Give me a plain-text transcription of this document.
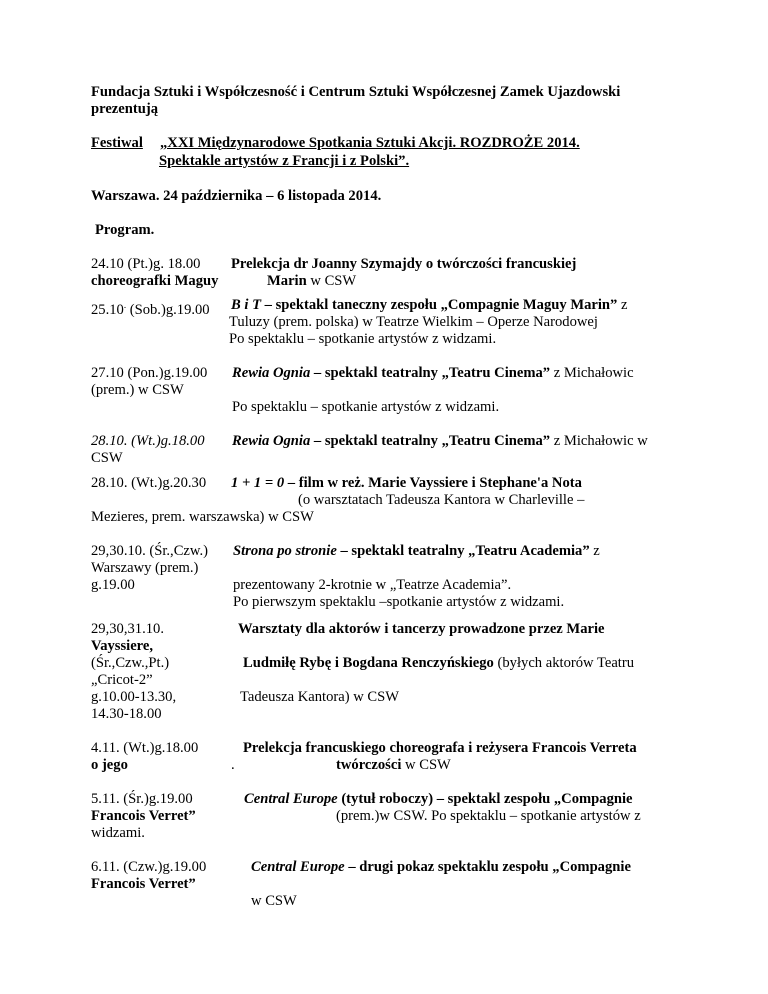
Fundacja Sztuki i Współczesność i Centrum Sztuki Współczesnej Zamek Ujazdowski
prezentują
Festiwal „XXI Międzynarodowe Spotkania Sztuki Akcji. ROZDROŻE 2014.
Spektakle artystów z Francji i z Polski”.
Warszawa. 24 października – 6 listopada 2014.
Program.
24.10 (Pt.)g. 18.00 Prelekcja dr Joanny Szymajdy o twórczości francuskiej
choreografki Maguy	Marin w CSW
25.10. (Sob.)g.19.00 B i T – spektakl taneczny zespołu „Compagnie Maguy Marin” z
Tuluzy (prem. polska) w Teatrze Wielkim – Operze Narodowej
Po spektaklu – spotkanie artystów z widzami.
27.10 (Pon.)g.19.00
(prem.) w CSW
Rewia Ognia – spektakl teatralny „Teatru Cinema” z Michałowic
Po spektaklu – spotkanie artystów z widzami.
28.10. (Wt.)g.18.00
CSW
Rewia Ognia – spektakl teatralny „Teatru Cinema” z Michałowic w
28.10. (Wt.)g.20.30 1 + 1 = 0 – film w reż. Marie Vayssiere i Stephane'a Nota
(o warsztatach Tadeusza Kantora w Charleville –
Mezieres, prem. warszawska) w CSW
29,30.10. (Śr.,Czw.)
Warszawy (prem.)
g.19.00
Strona po stronie – spektakl teatralny „Teatru Academia” z
prezentowany 2-krotnie w „Teatrze Academia”.
Po pierwszym spektaklu –spotkanie artystów z widzami.
29,30,31.10.
Vayssiere,
(Śr.,Czw.,Pt.)
„Cricot-2”
g.10.00-13.30,
14.30-18.00
Warsztaty dla aktorów i tancerzy prowadzone przez Marie
Ludmiłę Rybę i Bogdana Renczyńskiego (byłych aktorów Teatru
Tadeusza Kantora) w CSW
4.11. (Wt.)g.18.00
o jego
Prelekcja francuskiego choreografa i reżysera Francois Verreta
.	twórczości w CSW
5.11. (Śr.)g.19.00
Francois Verret”
widzami.
Central Europe (tytuł roboczy) – spektakl zespołu „Compagnie
(prem.)w CSW. Po spektaklu – spotkanie artystów z
6.11. (Czw.)g.19.00
Francois Verret”
Central Europe – drugi pokaz spektaklu zespołu „Compagnie
w CSW
